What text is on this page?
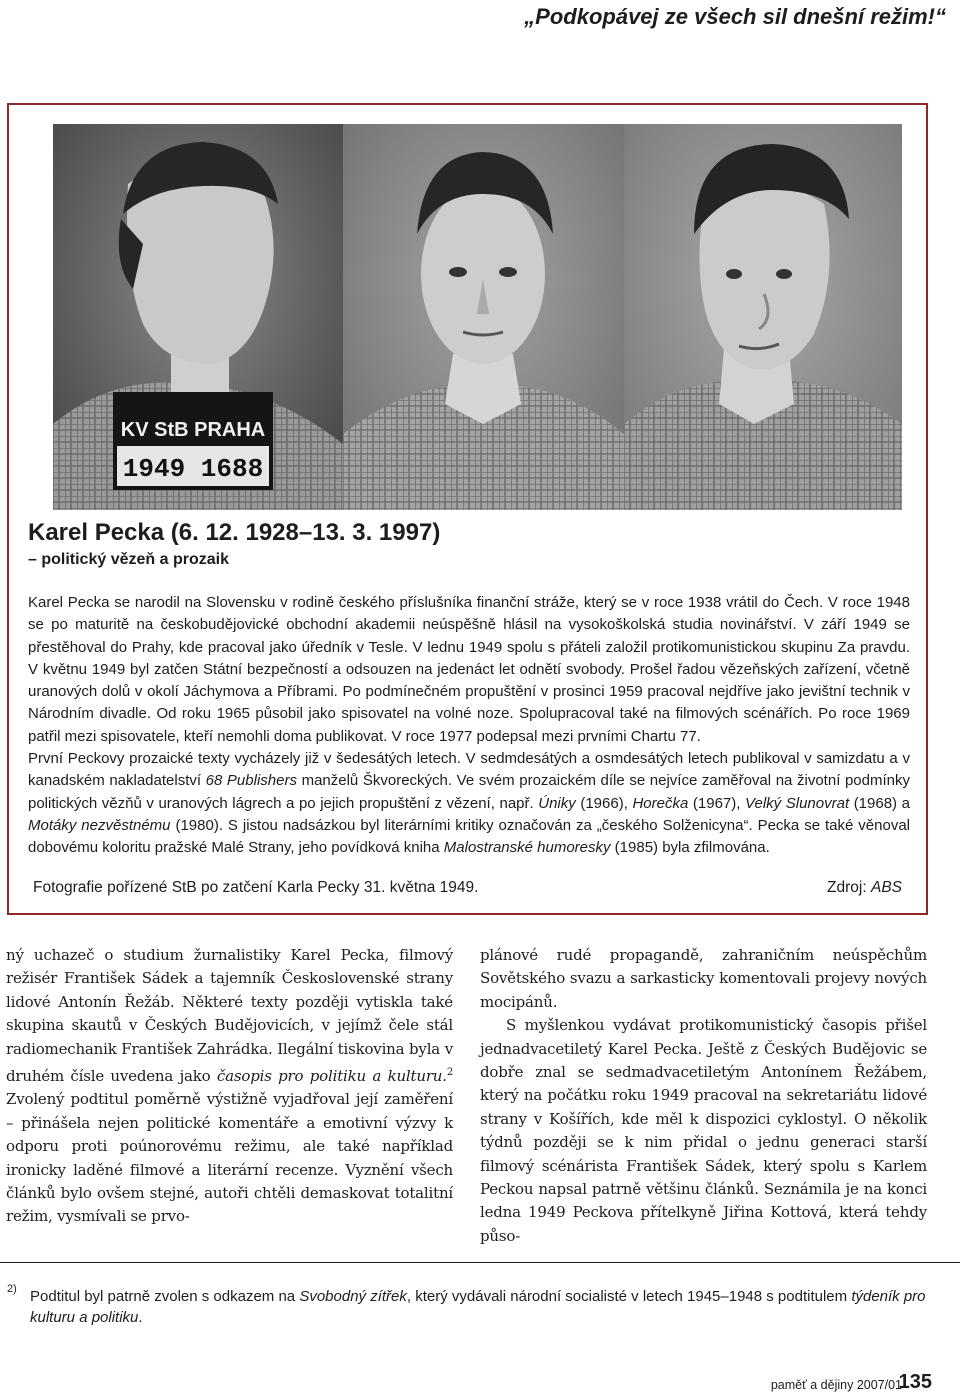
„Podkopávej ze všech sil dnešní režim!“
KV StB PRAHA
1949 1688
Karel Pecka (6. 12. 1928–13. 3. 1997)
– politický vězeň a prozaik

Karel Pecka se narodil na Slovensku v rodině českého příslušníka finanční stráže, který se v roce 1938 vrátil do Čech. V roce 1948 se po maturitě na českobudějovické obchodní akademii neúspěšně hlásil na vysokoškolská studia novinářství. V září 1949 se přestěhoval do Prahy, kde pracoval jako úředník v Tesle. V lednu 1949 spolu s přáteli založil protikomunistickou skupinu Za pravdu. V květnu 1949 byl zatčen Státní bezpečností a odsouzen na jedenáct let odnětí svobody. Prošel řadou vězeňských zařízení, včetně uranových dolů v okolí Jáchymova a Příbrami. Po podmínečném propuštění v prosinci 1959 pracoval nejdříve jako jevištní technik v Národním divadle. Od roku 1965 působil jako spisovatel na volné noze. Spolupracoval také na filmových scénářích. Po roce 1969 patřil mezi spisovatele, kteří nemohli doma publikovat. V roce 1977 podepsal mezi prvními Chartu 77.

První Peckovy prozaické texty vycházely již v šedesátých letech. V sedmdesátých a osmdesátých letech publikoval v samizdatu a v kanadském nakladatelství 68 Publishers manželů Škvoreckých. Ve svém prozaickém díle se nejvíce zaměřoval na životní podmínky politických vězňů v uranových lágrech a po jejich propuštění z vězení, např. Úniky (1966), Horečka (1967), Velký Slunovrat (1968) a Motáky nezvěstnému (1980). S jistou nadsázkou byl literárními kritiky označován za „českého Solženicyna“. Pecka se také věnoval dobovému koloritu pražské Malé Strany, jeho povídková kniha Malostranské humoresky (1985) byla zfilmována.

Fotografie pořízené StB po zatčení Karla Pecky 31. května 1949.	Zdroj: ABS

ný uchazeč o studium žurnalistiky Karel Pecka, filmový režisér František Sádek a tajemník Československé strany lidové Antonín Řežáb. Některé texty později vytiskla také skupina skautů v Českých Budějovicích, v jejímž čele stál radiomechanik František Zahrádka. Ilegální tiskovina byla v druhém čísle uvedena jako časopis pro politiku a kulturu.$^2$ Zvolený podtitul poměrně výstižně vyjadřoval její zaměření – přinášela nejen politické komentáře a emotivní výzvy k odporu proti poúnorovému režimu, ale také například ironicky laděné filmové a literární recenze. Vyznění všech článků bylo ovšem stejné, autoři chtěli demaskovat totalitní režim, vysmívali se prvo-

plánové rudé propagandě, zahraničním neúspěchům Sovětského svazu a sarkasticky komentovali projevy nových mocipánů.

S myšlenkou vydávat protikomunistický časopis přišel jednadvacetiletý Karel Pecka. Ještě z Českých Budějovic se dobře znal se sedmadvacetiletým Antonínem Řežábem, který na počátku roku 1949 pracoval na sekretariátu lidové strany v Košířích, kde měl k dispozici cyklostyl. O několik týdnů později se k nim přidal o jednu generaci starší filmový scénárista František Sádek, který spolu s Karlem Peckou napsal patrně většinu článků. Seznámila je na konci ledna 1949 Peckova přítelkyně Jiřina Kottová, která tehdy půso-

2) Podtitul byl patrně zvolen s odkazem na Svobodný zítřek, který vydávali národní socialisté v letech 1945–1948 s podtitulem týdeník pro kulturu a politiku.
paměť a dějiny 2007/01
135
